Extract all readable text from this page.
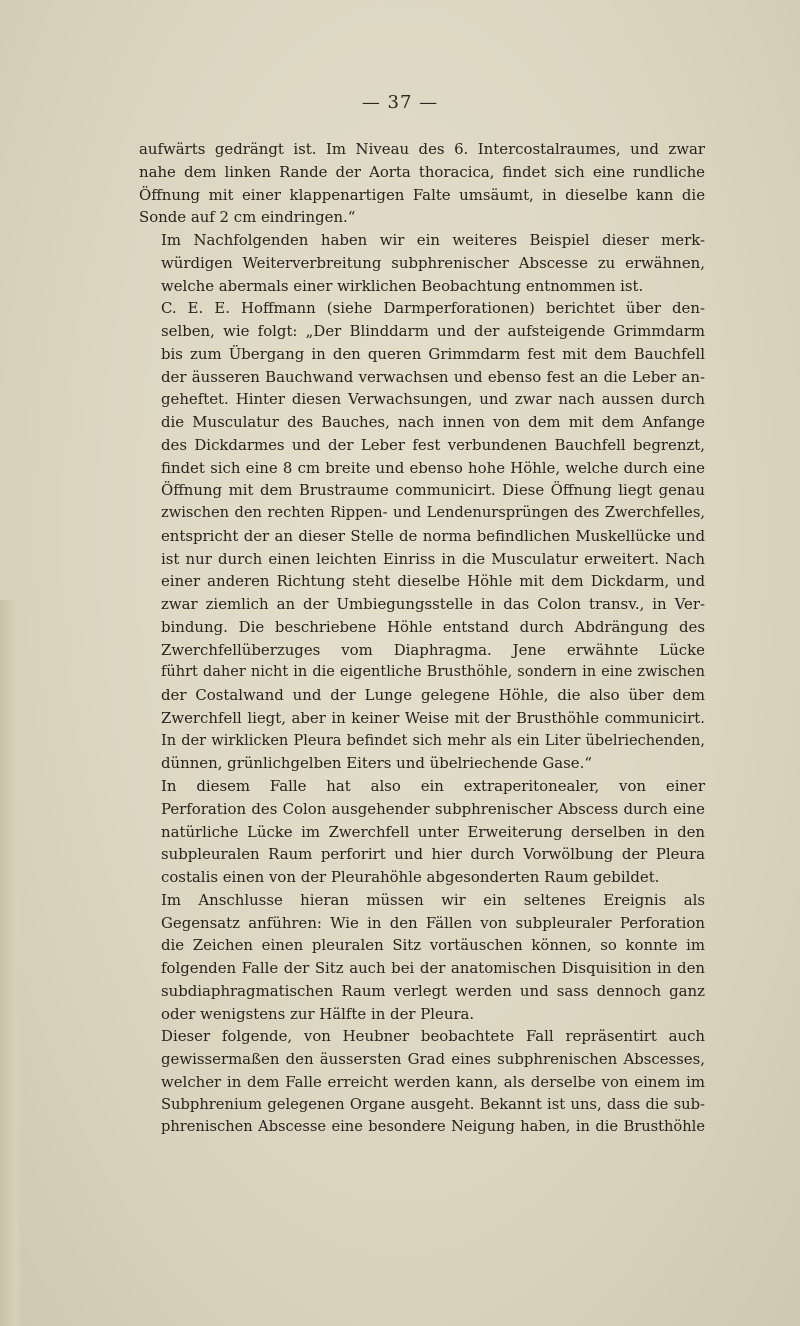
— 37 —

aufwärts gedrängt ist. Im Niveau des 6. Intercostalraumes, und zwar
nahe dem linken Rande der Aorta thoracica, findet sich eine rundliche
Öffnung mit einer klappenartigen Falte umsäumt, in dieselbe kann die
Sonde auf 2 cm eindringen.“

Im Nachfolgenden haben wir ein weiteres Beispiel dieser merk-
würdigen Weiterverbreitung subphrenischer Abscesse zu erwähnen,
welche abermals einer wirklichen Beobachtung entnommen ist.

C. E. E. Hoffmann (siehe Darmperforationen) berichtet über den-
selben, wie folgt: „Der Blinddarm und der aufsteigende Grimmdarm
bis zum Übergang in den queren Grimmdarm fest mit dem Bauchfell
der äusseren Bauchwand verwachsen und ebenso fest an die Leber an-
geheftet. Hinter diesen Verwachsungen, und zwar nach aussen durch
die Musculatur des Bauches, nach innen von dem mit dem Anfange
des Dickdarmes und der Leber fest verbundenen Bauchfell begrenzt,
findet sich eine 8 cm breite und ebenso hohe Höhle, welche durch eine
Öffnung mit dem Brustraume communicirt. Diese Öffnung liegt genau
zwischen den rechten Rippen- und Lendenursprüngen des Zwerchfelles,
entspricht der an dieser Stelle de norma befindlichen Muskellücke und
ist nur durch einen leichten Einriss in die Musculatur erweitert. Nach
einer anderen Richtung steht dieselbe Höhle mit dem Dickdarm, und
zwar ziemlich an der Umbiegungsstelle in das Colon transv., in Ver-
bindung. Die beschriebene Höhle entstand durch Abdrängung des
Zwerchfellüberzuges vom Diaphragma. Jene erwähnte Lücke
führt daher nicht in die eigentliche Brusthöhle, sondern in eine zwischen
der Costalwand und der Lunge gelegene Höhle, die also über dem
Zwerchfell liegt, aber in keiner Weise mit der Brusthöhle communicirt.
In der wirklicken Pleura befindet sich mehr als ein Liter übelriechenden,
dünnen, grünlichgelben Eiters und übelriechende Gase.“

In diesem Falle hat also ein extraperitonealer, von einer
Perforation des Colon ausgehender subphrenischer Abscess durch eine
natürliche Lücke im Zwerchfell unter Erweiterung derselben in den
subpleuralen Raum perforirt und hier durch Vorwölbung der Pleura
costalis einen von der Pleurahöhle abgesonderten Raum gebildet.

Im Anschlusse hieran müssen wir ein seltenes Ereignis als
Gegensatz anführen: Wie in den Fällen von subpleuraler Perforation
die Zeichen einen pleuralen Sitz vortäuschen können, so konnte im
folgenden Falle der Sitz auch bei der anatomischen Disquisition in den
subdiaphragmatischen Raum verlegt werden und sass dennoch ganz
oder wenigstens zur Hälfte in der Pleura.

Dieser folgende, von Heubner beobachtete Fall repräsentirt auch
gewissermaßen den äussersten Grad eines subphrenischen Abscesses,
welcher in dem Falle erreicht werden kann, als derselbe von einem im
Subphrenium gelegenen Organe ausgeht. Bekannt ist uns, dass die sub-
phrenischen Abscesse eine besondere Neigung haben, in die Brusthöhle
